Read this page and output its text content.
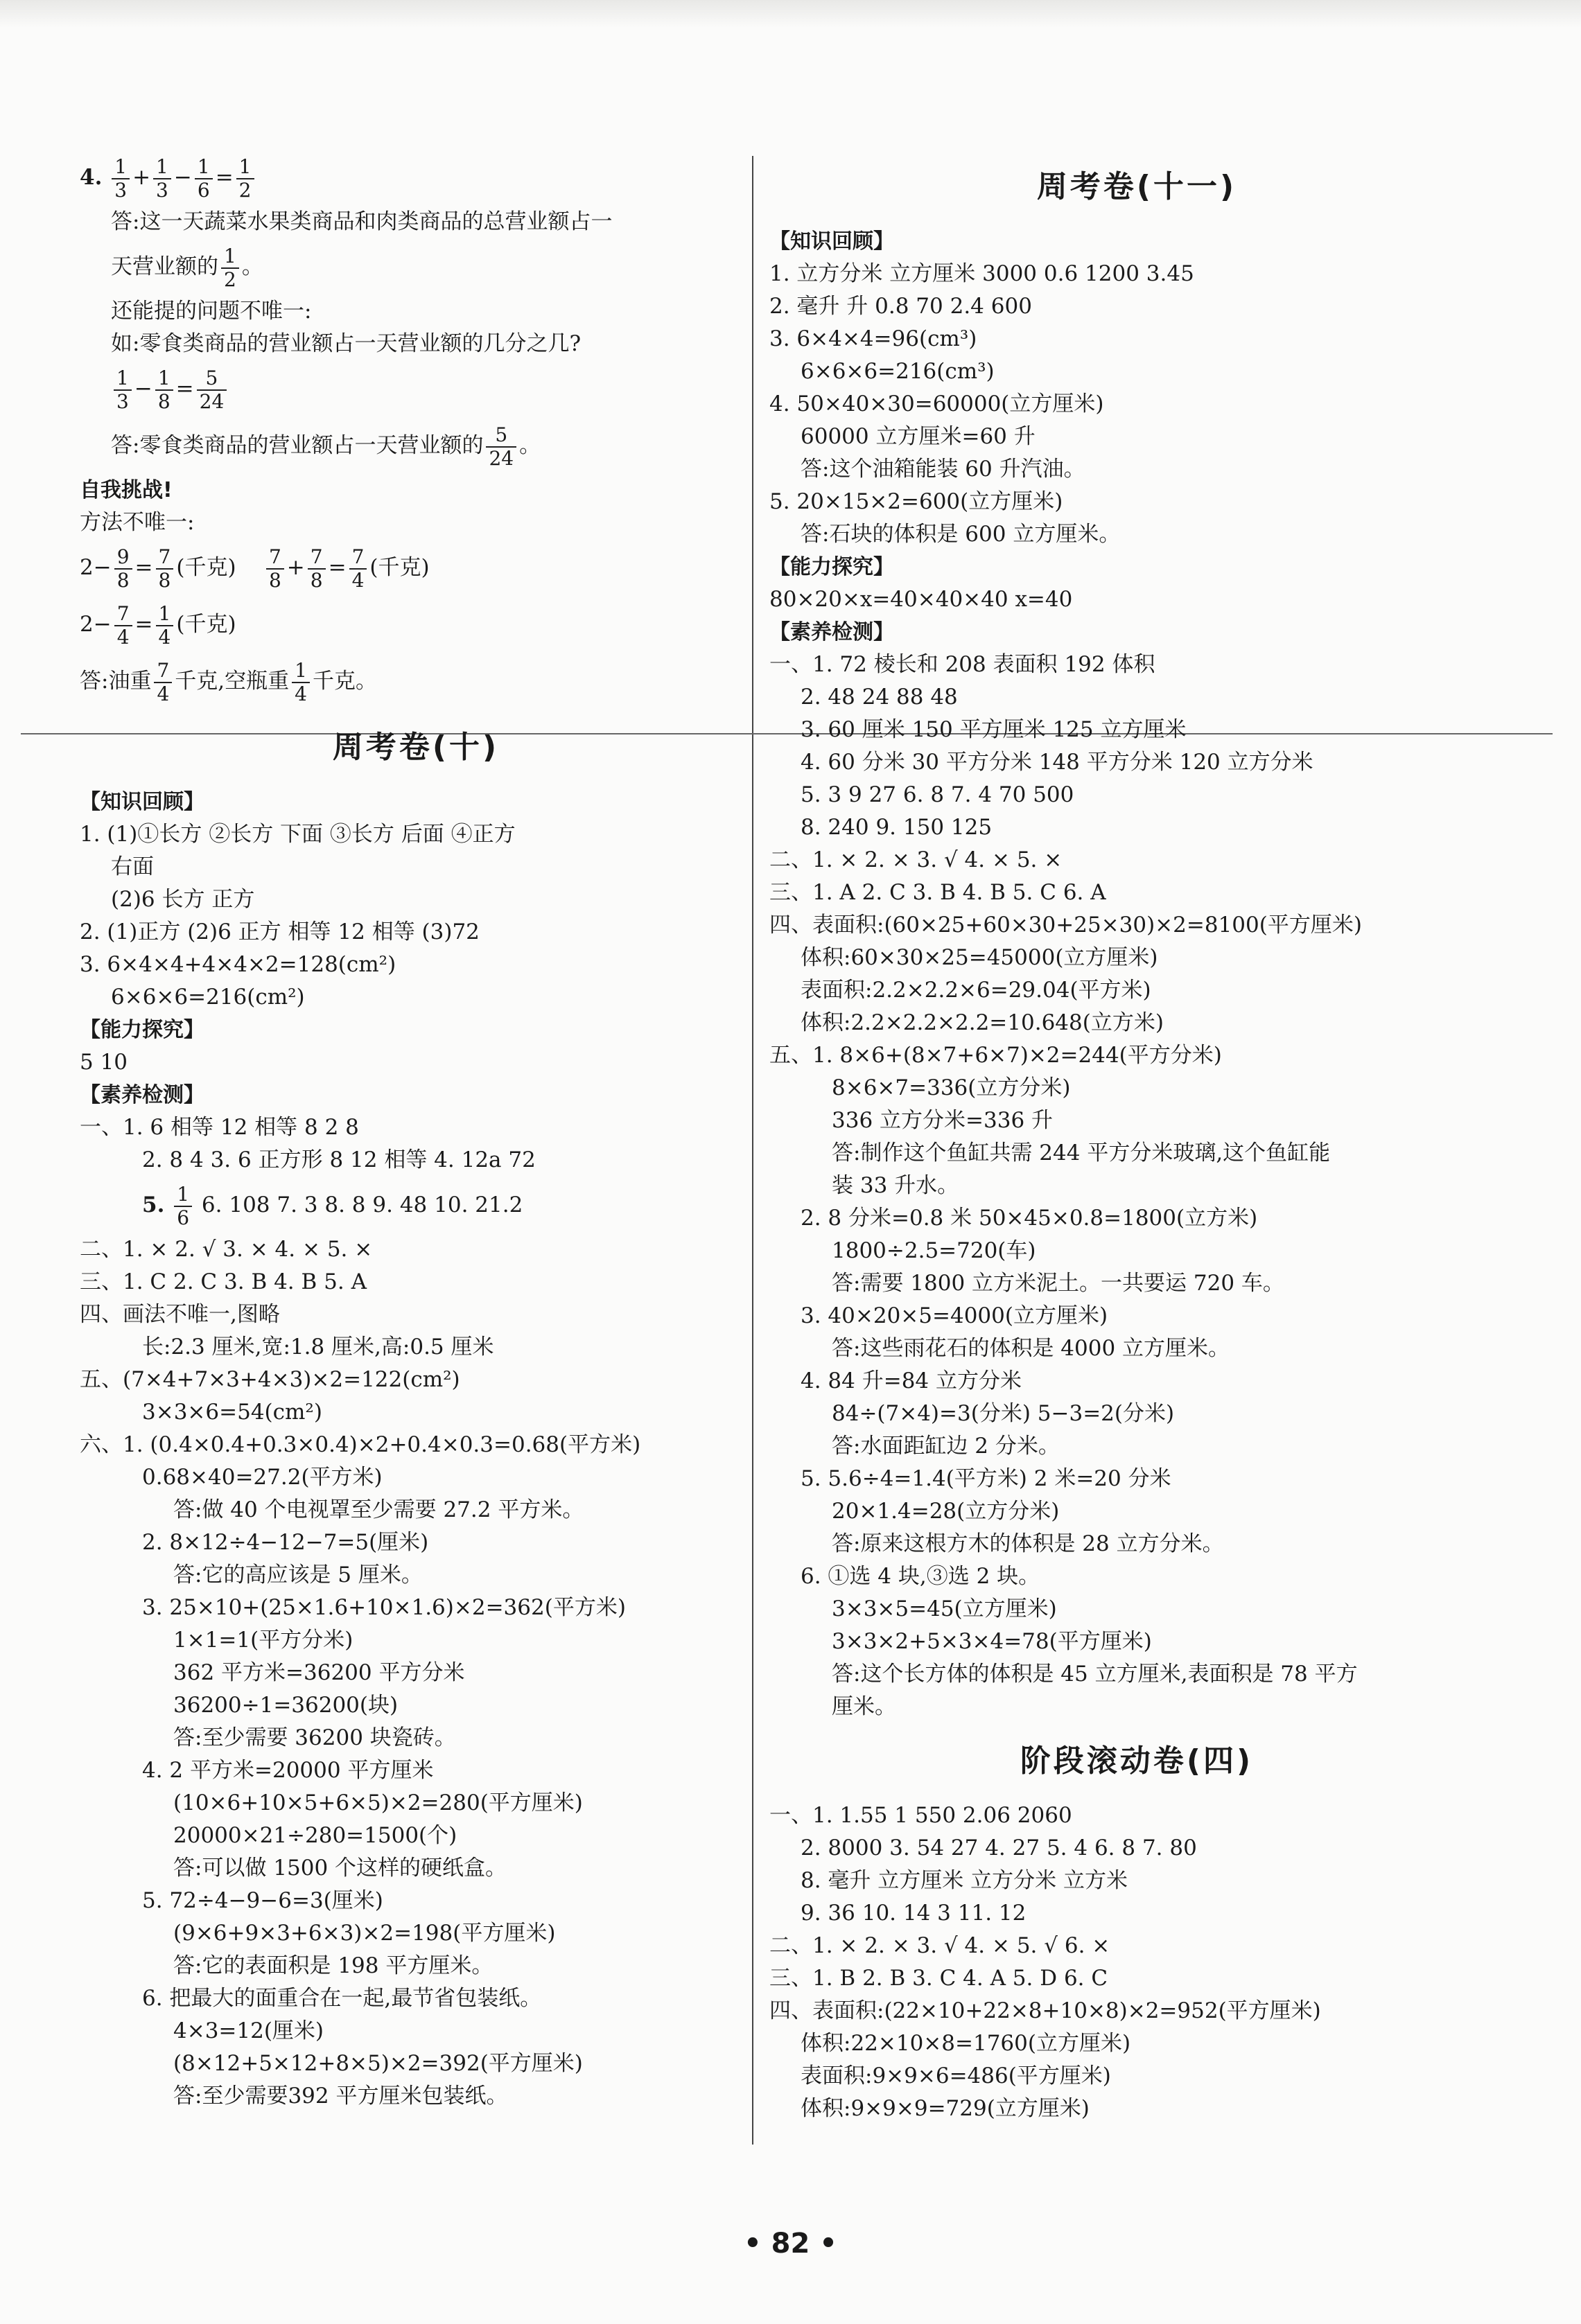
4. $\frac{1}{3} + \frac{1}{3} - \frac{1}{6} = \frac{1}{2}$
答:这一天蔬菜水果类商品和肉类商品的总营业额占一
天营业额的 $\frac{1}{2}$ 。
还能提的问题不唯一:
如:零食类商品的营业额占一天营业额的几分之几?
$\frac{1}{3} - \frac{1}{8} = \frac{5}{24}$
答:零食类商品的营业额占一天营业额的 $\frac{5}{24}$ 。
自我挑战!
方法不唯一:
$2- \frac{9}{8} = \frac{7}{8}$ (千克) $\frac{7}{8} + \frac{7}{8} = \frac{7}{4}$ (千克)
$2- \frac{7}{4} = \frac{1}{4}$ (千克)
答:油重 $\frac{7}{4}$ 千克,空瓶重 $\frac{1}{4}$ 千克。
周考卷(十)
【知识回顾】
1. (1)①长方 ②长方 下面 ③长方 后面 ④正方
右面
(2)6 长方 正方
2. (1)正方 (2)6 正方 相等 12 相等 (3)72
3. 6×4×4+4×4×2=128(cm²)
6×6×6=216(cm²)
【能力探究】
5 10
【素养检测】
一、1. 6 相等 12 相等 8 2 8
2. 8 4 3. 6 正方形 8 12 相等 4. 12a 72
5. $\frac{1}{6} 6$. 108 7. 3 8. 8 9. 48 10. 21.2
二、1. × 2. √ 3. × 4. × 5. ×
三、1. C 2. C 3. B 4. B 5. A
四、画法不唯一,图略
长:2.3 厘米,宽:1.8 厘米,高:0.5 厘米
五、(7×4+7×3+4×3)×2=122(cm²)
3×3×6=54(cm²)
六、1. (0.4×0.4+0.3×0.4)×2+0.4×0.3=0.68(平方米)
0.68×40=27.2(平方米)
答:做 40 个电视罩至少需要 27.2 平方米。
2. 8×12÷4−12−7=5(厘米)
答:它的高应该是 5 厘米。
3. 25×10+(25×1.6+10×1.6)×2=362(平方米)
1×1=1(平方分米)
362 平方米=36200 平方分米
36200÷1=36200(块)
答:至少需要 36200 块瓷砖。
4. 2 平方米=20000 平方厘米
(10×6+10×5+6×5)×2=280(平方厘米)
20000×21÷280=1500(个)
答:可以做 1500 个这样的硬纸盒。
5. 72÷4−9−6=3(厘米)
(9×6+9×3+6×3)×2=198(平方厘米)
答:它的表面积是 198 平方厘米。
6. 把最大的面重合在一起,最节省包装纸。
4×3=12(厘米)
(8×12+5×12+8×5)×2=392(平方厘米)
答:至少需要392 平方厘米包装纸。
周考卷(十一)
【知识回顾】
1. 立方分米 立方厘米 3000 0.6 1200 3.45
2. 毫升 升 0.8 70 2.4 600
3. 6×4×4=96(cm³)
6×6×6=216(cm³)
4. 50×40×30=60000(立方厘米)
60000 立方厘米=60 升
答:这个油箱能装 60 升汽油。
5. 20×15×2=600(立方厘米)
答:石块的体积是 600 立方厘米。
【能力探究】
80×20×x=40×40×40 x=40
【素养检测】
一、1. 72 棱长和 208 表面积 192 体积
2. 48 24 88 48
3. 60 厘米 150 平方厘米 125 立方厘米
4. 60 分米 30 平方分米 148 平方分米 120 立方分米
5. 3 9 27 6. 8 7. 4 70 500
8. 240 9. 150 125
二、1. × 2. × 3. √ 4. × 5. ×
三、1. A 2. C 3. B 4. B 5. C 6. A
四、表面积:(60×25+60×30+25×30)×2=8100(平方厘米)
体积:60×30×25=45000(立方厘米)
表面积:2.2×2.2×6=29.04(平方米)
体积:2.2×2.2×2.2=10.648(立方米)
五、1. 8×6+(8×7+6×7)×2=244(平方分米)
8×6×7=336(立方分米)
336 立方分米=336 升
答:制作这个鱼缸共需 244 平方分米玻璃,这个鱼缸能
装 33 升水。
2. 8 分米=0.8 米 50×45×0.8=1800(立方米)
1800÷2.5=720(车)
答:需要 1800 立方米泥土。一共要运 720 车。
3. 40×20×5=4000(立方厘米)
答:这些雨花石的体积是 4000 立方厘米。
4. 84 升=84 立方分米
84÷(7×4)=3(分米) 5−3=2(分米)
答:水面距缸边 2 分米。
5. 5.6÷4=1.4(平方米) 2 米=20 分米
20×1.4=28(立方分米)
答:原来这根方木的体积是 28 立方分米。
6. ①选 4 块,③选 2 块。
3×3×5=45(立方厘米)
3×3×2+5×3×4=78(平方厘米)
答:这个长方体的体积是 45 立方厘米,表面积是 78 平方
厘米。
阶段滚动卷(四)
一、1. 1.55 1 550 2.06 2060
2. 8000 3. 54 27 4. 27 5. 4 6. 8 7. 80
8. 毫升 立方厘米 立方分米 立方米
9. 36 10. 14 3 11. 12
二、1. × 2. × 3. √ 4. × 5. √ 6. ×
三、1. B 2. B 3. C 4. A 5. D 6. C
四、表面积:(22×10+22×8+10×8)×2=952(平方厘米)
体积:22×10×8=1760(立方厘米)
表面积:9×9×6=486(平方厘米)
体积:9×9×9=729(立方厘米)
• 82 •
